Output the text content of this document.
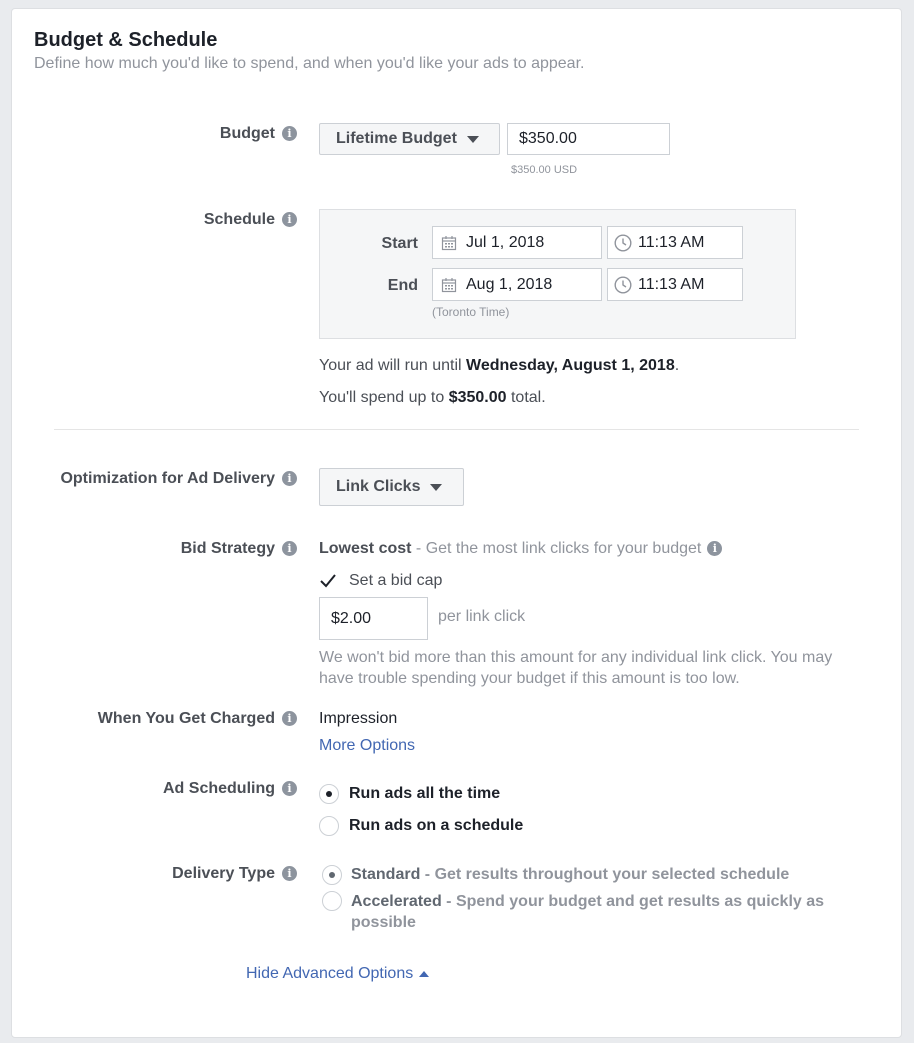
Budget & Schedule
Define how much you'd like to spend, and when you'd like your ads to appear.
Budget i	Lifetime Budget	$350.00
$350.00 USD
Schedule i
Start	Jul 1, 2018	11:13 AM
End	Aug 1, 2018	11:13 AM
(Toronto Time)
Your ad will run until Wednesday, August 1, 2018.
You'll spend up to $350.00 total.
Optimization for Ad Delivery i	Link Clicks
Bid Strategy i	Lowest cost - Get the most link clicks for your budget i
Set a bid cap
$2.00	per link click
We won't bid more than this amount for any individual link click. You may
have trouble spending your budget if this amount is too low.
When You Get Charged i	Impression
More Options
Ad Scheduling i	Run ads all the time
Run ads on a schedule
Delivery Type i	Standard - Get results throughout your selected schedule
Accelerated - Spend your budget and get results as quickly as
possible
Hide Advanced Options
